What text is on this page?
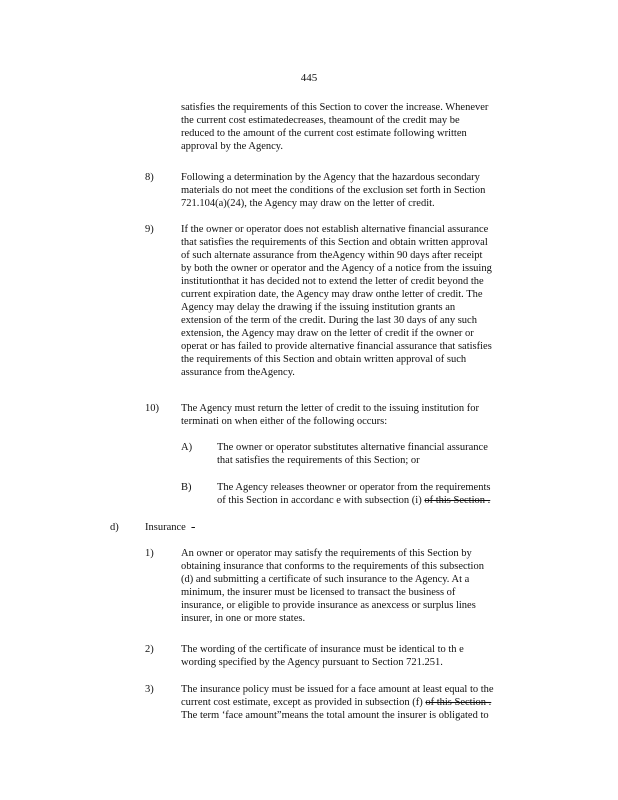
445
satisfies the requirements of this Section to cover the increase. Whenever
the current cost estimatedecreases, theamount of the credit may be
reduced to the amount of the current cost estimate following written
approval by the Agency.
8)	Following a determination by the Agency that the hazardous secondary
materials do not meet the conditions of the exclusion set forth in Section
721.104(a)(24), the Agency may draw on the letter of credit.
9)	If the owner or operator does not establish alternative financial assurance
that satisfies the requirements of this Section and obtain written approval
of such alternate assurance from theAgency within 90 days after receipt
by both the owner or operator and the Agency of a notice from the issuing
institutionthat it has decided not to extend the letter of credit beyond the
current expiration date, the Agency may draw onthe letter of credit. The
Agency may delay the drawing if the issuing institution grants an
extension of the term of the credit. During the last 30 days of any such
extension, the Agency may draw on the letter of credit if the owner or
operat or has failed to provide alternative financial assurance that satisfies
the requirements of this Section and obtain written approval of such
assurance from theAgency.
10) The Agency must return the letter of credit to the issuing institution for
terminati on when either of the following occurs:
A) The owner or operator substitutes alternative financial assurance
that satisfies the requirements of this Section; or
B) The Agency releases theowner or operator from the requirements
of this Section in accordanc e with subsection (i) of this Section .
d)	Insurance -
1)	An owner or operator may satisfy the requirements of this Section by
obtaining insurance that conforms to the requirements of this subsection
(d) and submitting a certificate of such insurance to the Agency. At a
minimum, the insurer must be licensed to transact the business of
insurance, or eligible to provide insurance as anexcess or surplus lines
insurer, in one or more states.
2)	The wording of the certificate of insurance must be identical to th e
wording specified by the Agency pursuant to Section 721.251.
3)	The insurance policy must be issued for a face amount at least equal to the
current cost estimate, except as provided in subsection (f) of this Section .
The term ‘face amount”means the total amount the insurer is obligated to
